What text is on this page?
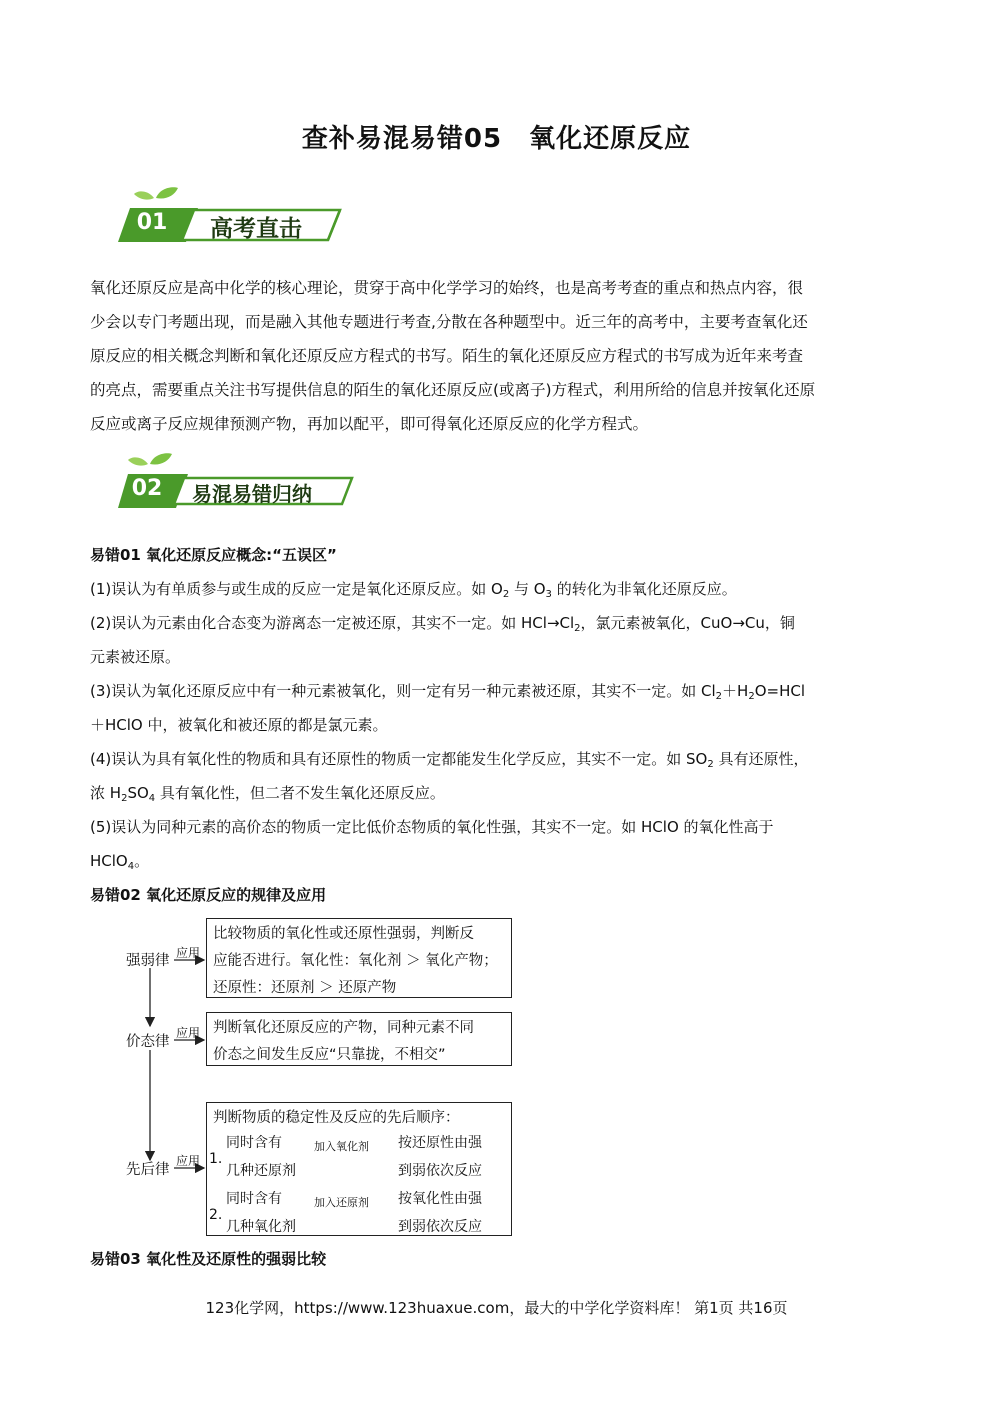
查补易混易错05　氧化还原反应
01	高考直击
氧化还原反应是高中化学的核心理论，贯穿于高中化学学习的始终，也是高考考查的重点和热点内容，很
少会以专门考题出现，而是融入其他专题进行考查,分散在各种题型中。近三年的高考中，主要考查氧化还
原反应的相关概念判断和氧化还原反应方程式的书写。陌生的氧化还原反应方程式的书写成为近年来考查
的亮点，需要重点关注书写提供信息的陌生的氧化还原反应(或离子)方程式，利用所给的信息并按氧化还原
反应或离子反应规律预测产物，再加以配平，即可得氧化还原反应的化学方程式。
02	易混易错归纳
易错01 氧化还原反应概念:“五误区”
(1)误认为有单质参与或生成的反应一定是氧化还原反应。如 $O_2$ 与 $O_3$ 的转化为非氧化还原反应。
(2)误认为元素由化合态变为游离态一定被还原，其实不一定。如 $HCl\to Cl_2$，氯元素被氧化，CuO→Cu，铜
元素被还原。
(3)误认为氧化还原反应中有一种元素被氧化，则一定有另一种元素被还原，其实不一定。如 $Cl_2+H_2O=HCl$
＋HClO 中，被氧化和被还原的都是氯元素。
(4)误认为具有氧化性的物质和具有还原性的物质一定都能发生化学反应，其实不一定。如 $SO_2$ 具有还原性，
浓 $H_2SO_4$ 具有氧化性，但二者不发生氧化还原反应。
(5)误认为同种元素的高价态的物质一定比低价态物质的氧化性强，其实不一定。如 HClO 的氧化性高于
HClO$_4$。
易错02 氧化还原反应的规律及应用
强弱律 应用
比较物质的氧化性或还原性强弱，判断反
应能否进行。氧化性：氧化剂 ＞ 氧化产物；
还原性：还原剂 ＞ 还原产物
价态律
应用 判断氧化还原反应的产物，同种元素不同
价态之间发生反应“只靠拢，不相交”
先后律
应用
判断物质的稳定性及反应的先后顺序：
1.
同时含有
几种还原剂
加入氧化剂 按还原性由强
到弱依次反应
2.
同时含有
几种氧化剂
加入还原剂 按氧化性由强
到弱依次反应
易错03 氧化性及还原性的强弱比较
123化学网，https://www.123huaxue.com，最大的中学化学资料库！ 第1页 共16页
